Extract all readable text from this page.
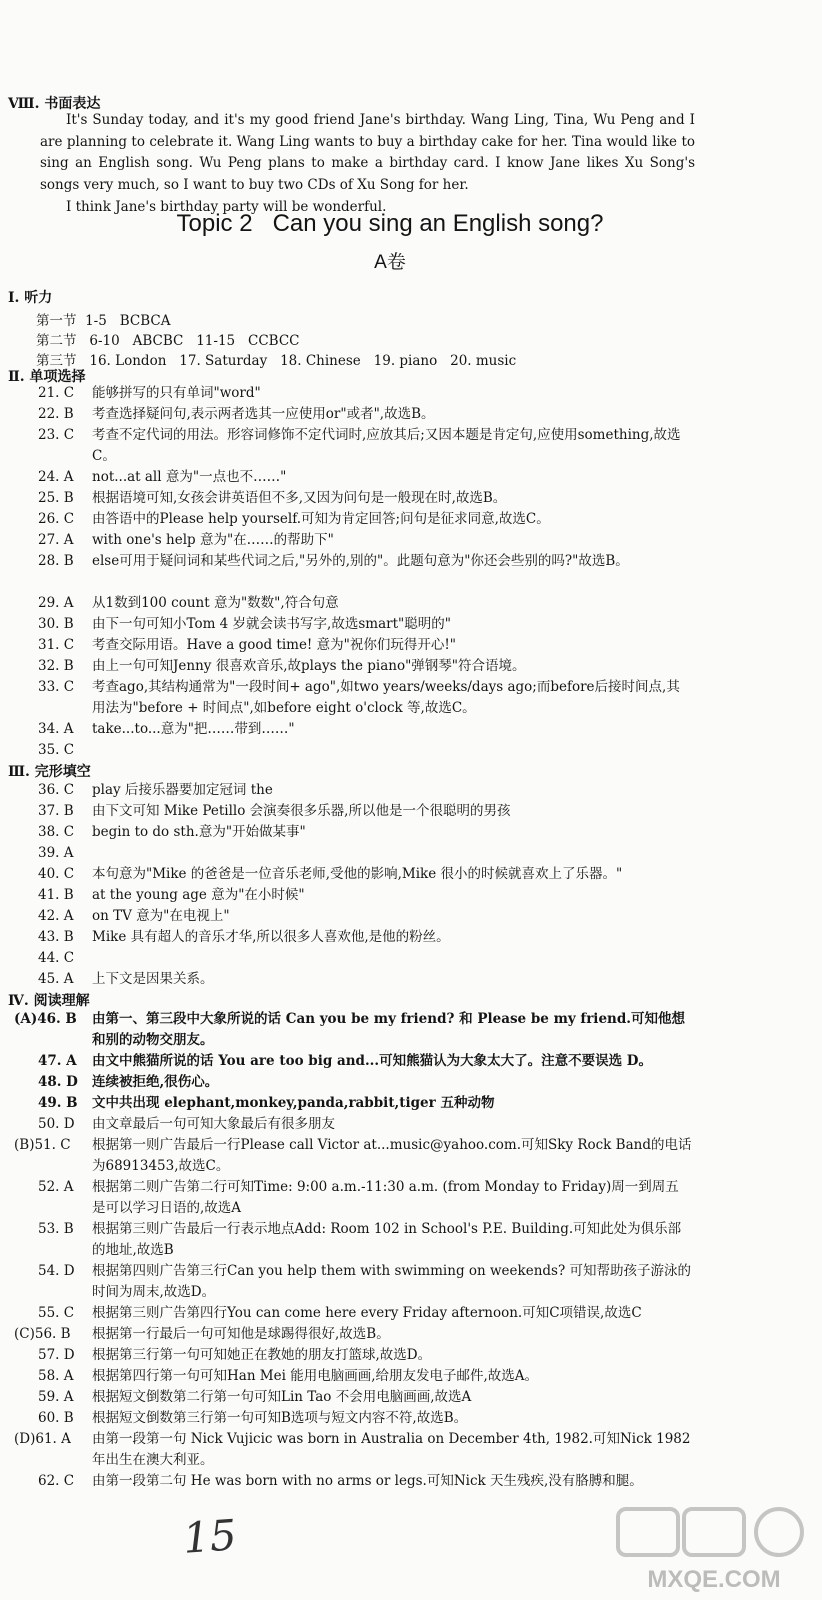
Ⅷ. 书面表达
It's Sunday today, and it's my good friend Jane's birthday. Wang Ling, Tina, Wu Peng and I are planning to celebrate it. Wang Ling wants to buy a birthday cake for her. Tina would like to sing an English song. Wu Peng plans to make a birthday card. I know Jane likes Xu Song's songs very much, so I want to buy two CDs of Xu Song for her.
I think Jane's birthday party will be wonderful.
Topic 2   Can you sing an English song?
A卷
Ⅰ. 听力
第一节  1-5   BCBCA
第二节   6-10   ABCBC   11-15   CCBCC
第三节   16. London   17. Saturday   18. Chinese   19. piano   20. music
Ⅱ. 单项选择
21. C 能够拼写的只有单词"word"
22. B 考查选择疑问句,表示两者选其一应使用or"或者",故选B。
23. C 考查不定代词的用法。形容词修饰不定代词时,应放其后;又因本题是肯定句,应使用something,故选C。
24. A not...at all 意为"一点也不……"
25. B 根据语境可知,女孩会讲英语但不多,又因为问句是一般现在时,故选B。
26. C 由答语中的Please help yourself.可知为肯定回答;问句是征求同意,故选C。
27. A with one's help 意为"在……的帮助下"
28. B else可用于疑问词和某些代词之后,"另外的,别的"。此题句意为"你还会些别的吗?"故选B。
29. A 从1数到100 count 意为"数数",符合句意
30. B 由下一句可知小Tom 4 岁就会读书写字,故选smart"聪明的"
31. C 考查交际用语。Have a good time! 意为"祝你们玩得开心!"
32. B 由上一句可知Jenny 很喜欢音乐,故plays the piano"弹钢琴"符合语境。
33. C 考查ago,其结构通常为"一段时间+ ago",如two years/weeks/days ago;而before后接时间点,其用法为"before + 时间点",如before eight o'clock 等,故选C。
34. A take...to...意为"把……带到……"
35. C
Ⅲ. 完形填空
36. C play 后接乐器要加定冠词 the
37. B 由下文可知 Mike Petillo 会演奏很多乐器,所以他是一个很聪明的男孩
38. C begin to do sth.意为"开始做某事"
39. A
40. C 本句意为"Mike 的爸爸是一位音乐老师,受他的影响,Mike 很小的时候就喜欢上了乐器。"
41. B at the young age 意为"在小时候"
42. A on TV 意为"在电视上"
43. B Mike 具有超人的音乐才华,所以很多人喜欢他,是他的粉丝。
44. C
45. A 上下文是因果关系。
Ⅳ. 阅读理解
(A)46. B 由第一、第三段中大象所说的话 Can you be my friend? 和 Please be my friend.可知他想和别的动物交朋友。
47. A 由文中熊猫所说的话 You are too big and...可知熊猫认为大象太大了。注意不要误选 D。
48. D 连续被拒绝,很伤心。
49. B 文中共出现 elephant,monkey,panda,rabbit,tiger 五种动物
50. D 由文章最后一句可知大象最后有很多朋友
(B)51. C 根据第一则广告最后一行Please call Victor at...music@yahoo.com.可知Sky Rock Band的电话为68913453,故选C。
52. A 根据第二则广告第二行可知Time: 9:00 a.m.-11:30 a.m. (from Monday to Friday)周一到周五是可以学习日语的,故选A
53. B 根据第三则广告最后一行表示地点Add: Room 102 in School's P.E. Building.可知此处为俱乐部的地址,故选B
54. D 根据第四则广告第三行Can you help them with swimming on weekends? 可知帮助孩子游泳的时间为周末,故选D。
55. C 根据第三则广告第四行You can come here every Friday afternoon.可知C项错误,故选C
(C)56. B 根据第一行最后一句可知他是球踢得很好,故选B。
57. D 根据第三行第一句可知她正在教她的朋友打篮球,故选D。
58. A 根据第四行第一句可知Han Mei 能用电脑画画,给朋友发电子邮件,故选A。
59. A 根据短文倒数第二行第一句可知Lin Tao 不会用电脑画画,故选A
60. B 根据短文倒数第三行第一句可知B选项与短文内容不符,故选B。
(D)61. A 由第一段第一句 Nick Vujicic was born in Australia on December 4th, 1982.可知Nick 1982年出生在澳大利亚。
62. C 由第一段第二句 He was born with no arms or legs.可知Nick 天生残疾,没有胳膊和腿。
15
MXQE.COM
